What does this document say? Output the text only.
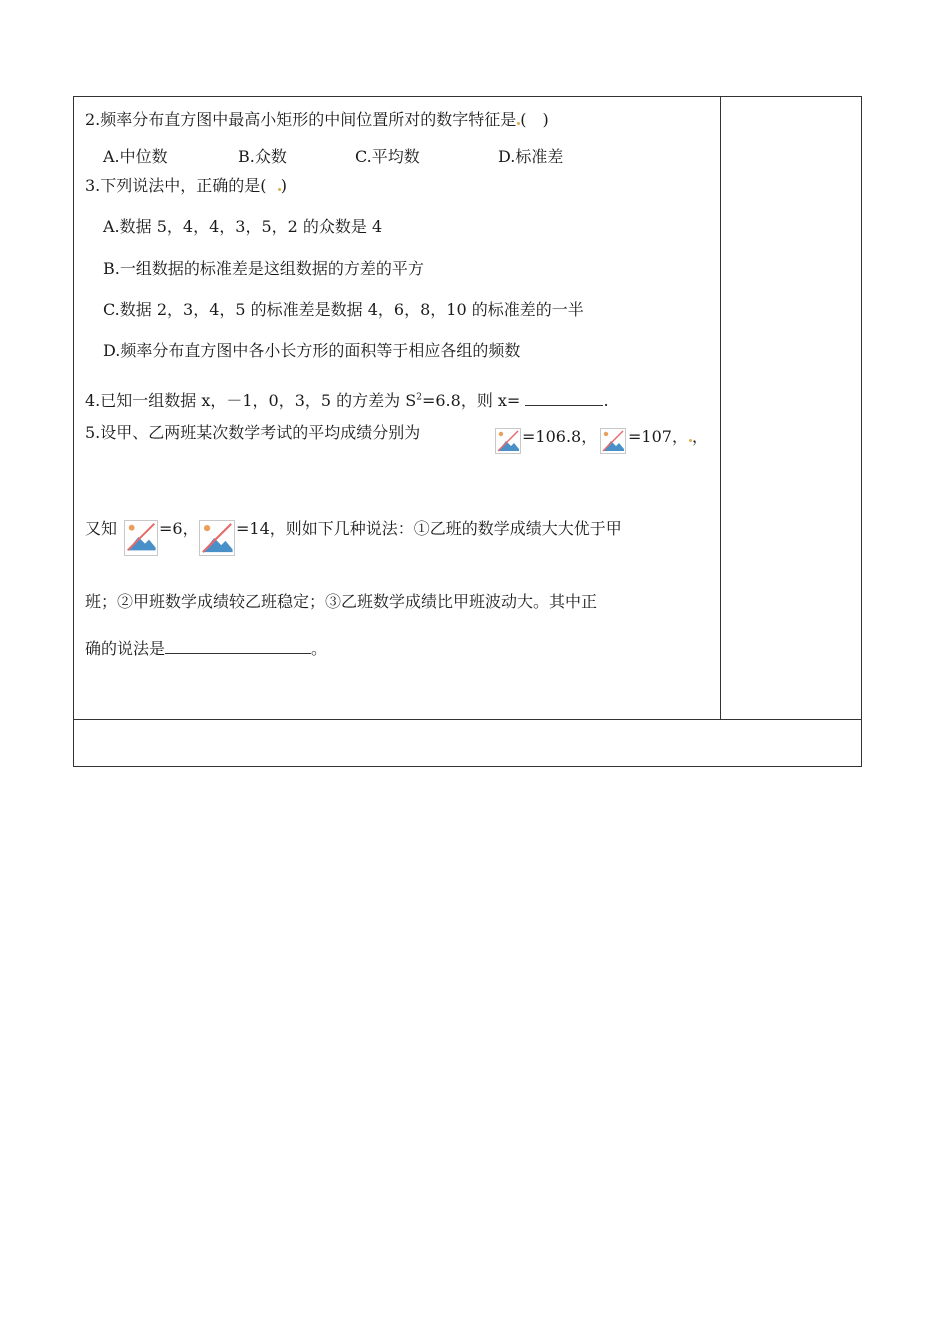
2.频率分布直方图中最高小矩形的中间位置所对的数字特征是 (　)
A.中位数	B.众数	C.平均数	D.标准差
3.下列说法中，正确的是( )
A.数据 5，4，4，3，5，2 的众数是 4
B.一组数据的标准差是这组数据的方差的平方
C.数据 2，3，4，5 的标准差是数据 4，6，8，10 的标准差的一半
D.频率分布直方图中各小长方形的面积等于相应各组的频数
4.已知一组数据 x，－1，0，3，5 的方差为 $S^2=6.8$，则 x=	.
5.设甲、乙两班某次数学考试的平均成绩分别为	=106.8， =107， ，
又知	=6， =14，则如下几种说法：①乙班的数学成绩大大优于甲
班；②甲班数学成绩较乙班稳定；③乙班数学成绩比甲班波动大。其中正
确的说法是	。
